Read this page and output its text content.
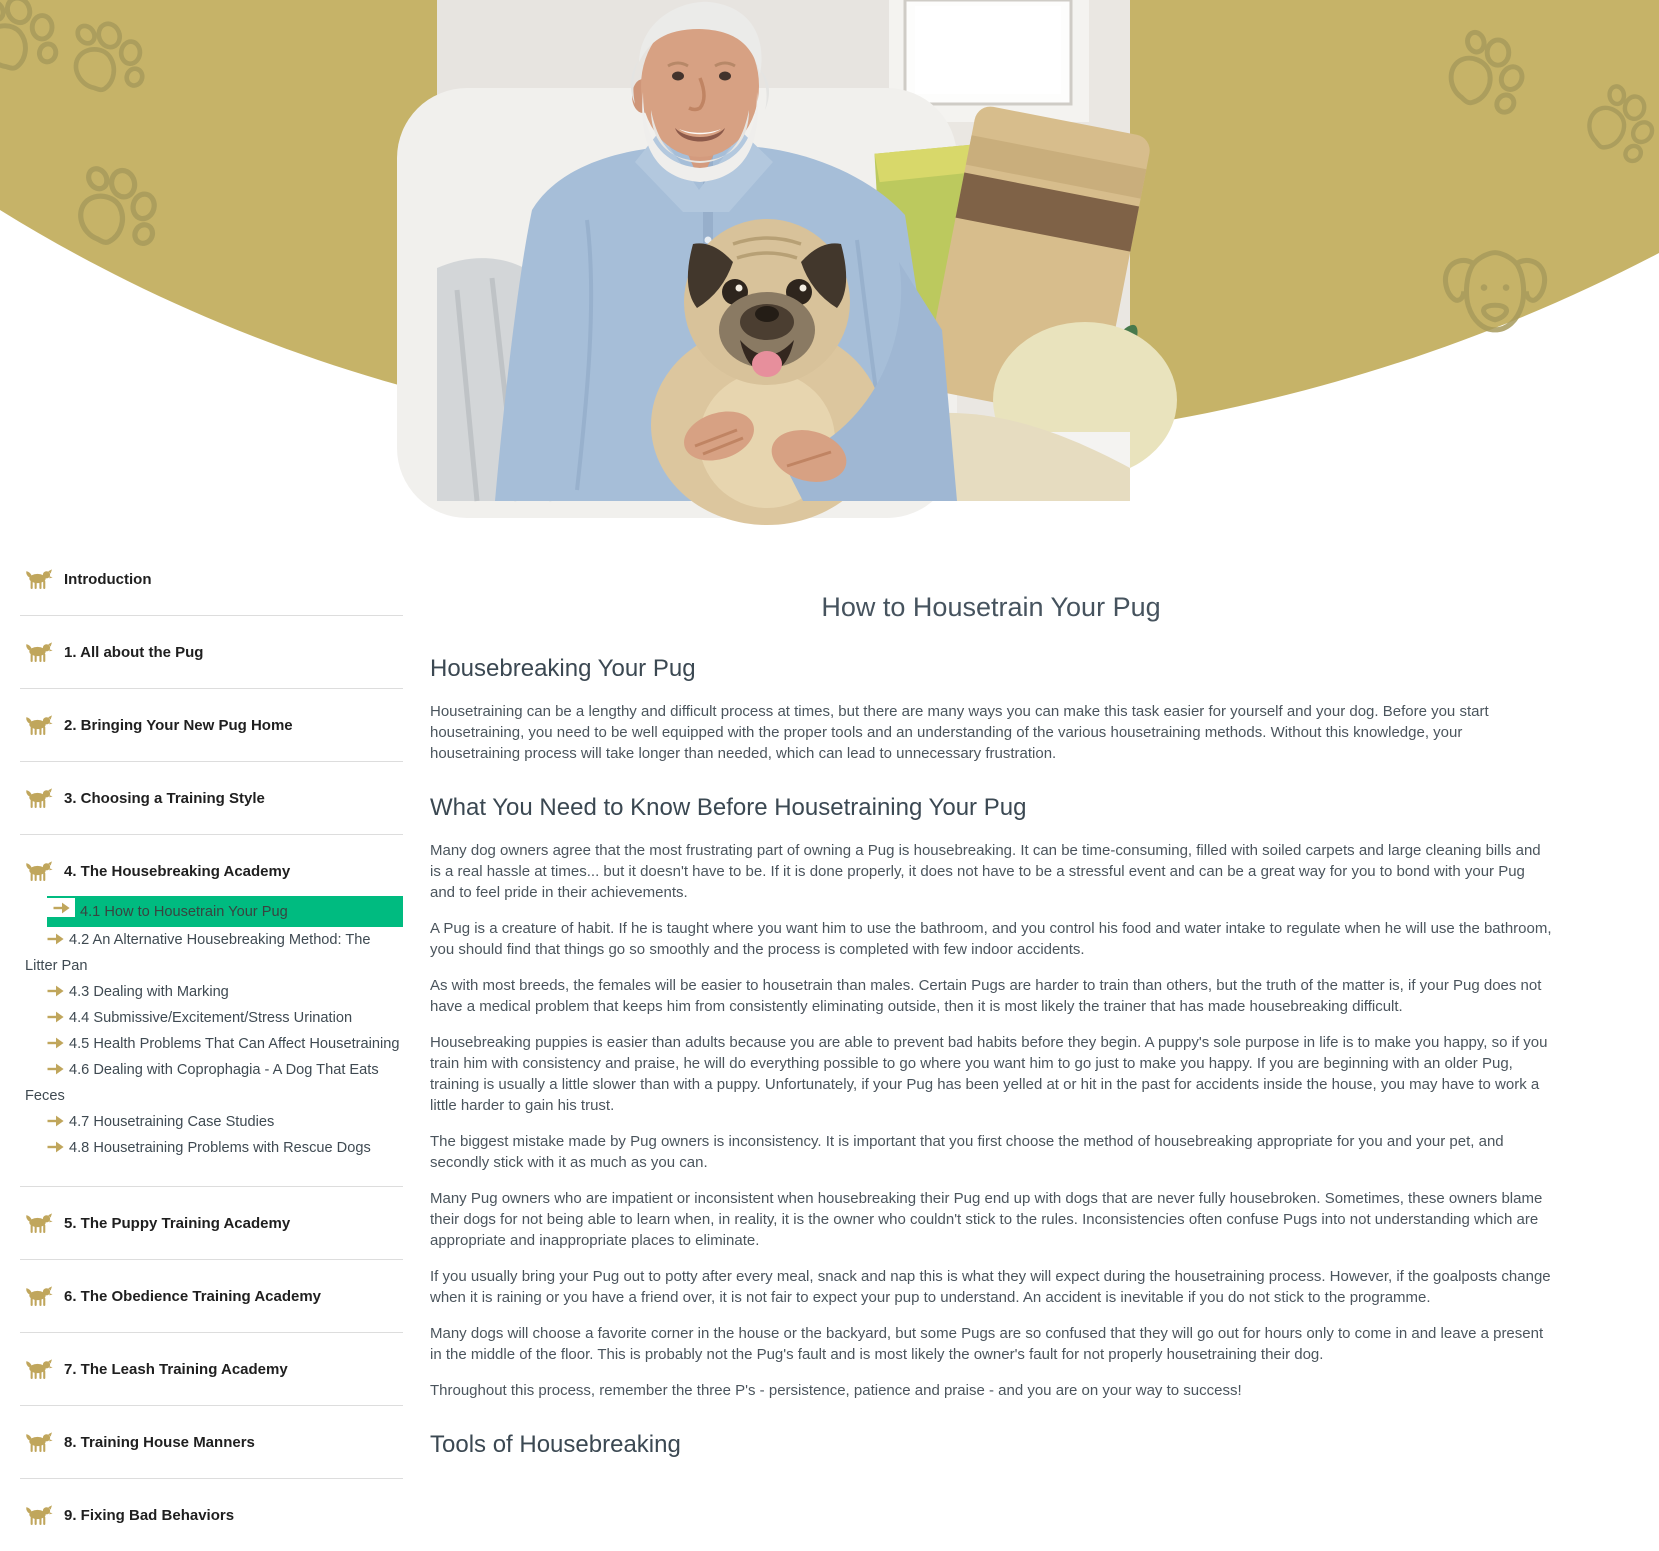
Introduction
1. All about the Pug
2. Bringing Your New Pug Home
3. Choosing a Training Style
4. The Housebreaking Academy
4.1 How to Housetrain Your Pug
4.2 An Alternative Housebreaking Method: The Litter Pan
4.3 Dealing with Marking
4.4 Submissive/Excitement/Stress Urination
4.5 Health Problems That Can Affect Housetraining
4.6 Dealing with Coprophagia - A Dog That Eats Feces
4.7 Housetraining Case Studies
4.8 Housetraining Problems with Rescue Dogs
5. The Puppy Training Academy
6. The Obedience Training Academy
7. The Leash Training Academy
8. Training House Manners
9. Fixing Bad Behaviors
How to Housetrain Your Pug
Housebreaking Your Pug

Housetraining can be a lengthy and difficult process at times, but there are many ways you can make this task easier for yourself and your dog. Before you start housetraining, you need to be well equipped with the proper tools and an understanding of the various housetraining methods. Without this knowledge, your housetraining process will take longer than needed, which can lead to unnecessary frustration.

What You Need to Know Before Housetraining Your Pug

Many dog owners agree that the most frustrating part of owning a Pug is housebreaking. It can be time-consuming, filled with soiled carpets and large cleaning bills and is a real hassle at times... but it doesn't have to be. If it is done properly, it does not have to be a stressful event and can be a great way for you to bond with your Pug and to feel pride in their achievements.

A Pug is a creature of habit. If he is taught where you want him to use the bathroom, and you control his food and water intake to regulate when he will use the bathroom, you should find that things go so smoothly and the process is completed with few indoor accidents.

As with most breeds, the females will be easier to housetrain than males. Certain Pugs are harder to train than others, but the truth of the matter is, if your Pug does not have a medical problem that keeps him from consistently eliminating outside, then it is most likely the trainer that has made housebreaking difficult.

Housebreaking puppies is easier than adults because you are able to prevent bad habits before they begin. A puppy's sole purpose in life is to make you happy, so if you train him with consistency and praise, he will do everything possible to go where you want him to go just to make you happy. If you are beginning with an older Pug, training is usually a little slower than with a puppy. Unfortunately, if your Pug has been yelled at or hit in the past for accidents inside the house, you may have to work a little harder to gain his trust.

The biggest mistake made by Pug owners is inconsistency. It is important that you first choose the method of housebreaking appropriate for you and your pet, and secondly stick with it as much as you can.

Many Pug owners who are impatient or inconsistent when housebreaking their Pug end up with dogs that are never fully housebroken. Sometimes, these owners blame their dogs for not being able to learn when, in reality, it is the owner who couldn't stick to the rules. Inconsistencies often confuse Pugs into not understanding which are appropriate and inappropriate places to eliminate.

If you usually bring your Pug out to potty after every meal, snack and nap this is what they will expect during the housetraining process. However, if the goalposts change when it is raining or you have a friend over, it is not fair to expect your pup to understand. An accident is inevitable if you do not stick to the programme.

Many dogs will choose a favorite corner in the house or the backyard, but some Pugs are so confused that they will go out for hours only to come in and leave a present in the middle of the floor. This is probably not the Pug's fault and is most likely the owner's fault for not properly housetraining their dog.

Throughout this process, remember the three P's - persistence, patience and praise - and you are on your way to success!

Tools of Housebreaking
